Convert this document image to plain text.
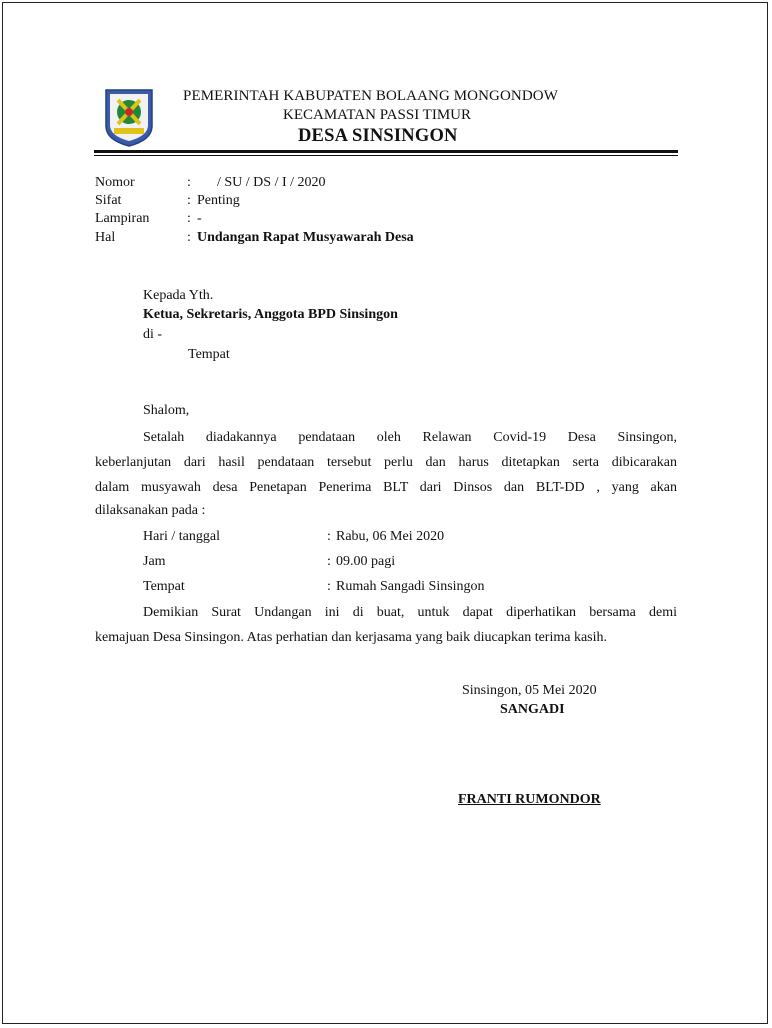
PEMERINTAH KABUPATEN BOLAANG MONGONDOW
KECAMATAN PASSI TIMUR
DESA SINSINGON
Nomor	: / SU / DS / I / 2020
Sifat	: Penting
Lampiran	: -
Hal	: Undangan Rapat Musyawarah Desa
Kepada Yth.
Ketua, Sekretaris, Anggota BPD Sinsingon
di -
Tempat
Shalom,
Setalah diadakannya pendataan oleh Relawan Covid-19 Desa Sinsingon,
keberlanjutan dari hasil pendataan tersebut perlu dan harus ditetapkan serta dibicarakan
dalam musyawah desa Penetapan Penerima BLT dari Dinsos dan BLT-DD , yang akan
dilaksanakan pada :
Hari / tanggal	: Rabu, 06 Mei 2020
Jam	: 09.00 pagi
Tempat	: Rumah Sangadi Sinsingon
Demikian Surat Undangan ini di buat, untuk dapat diperhatikan bersama demi
kemajuan Desa Sinsingon. Atas perhatian dan kerjasama yang baik diucapkan terima kasih.
Sinsingon, 05 Mei 2020
SANGADI
FRANTI RUMONDOR
